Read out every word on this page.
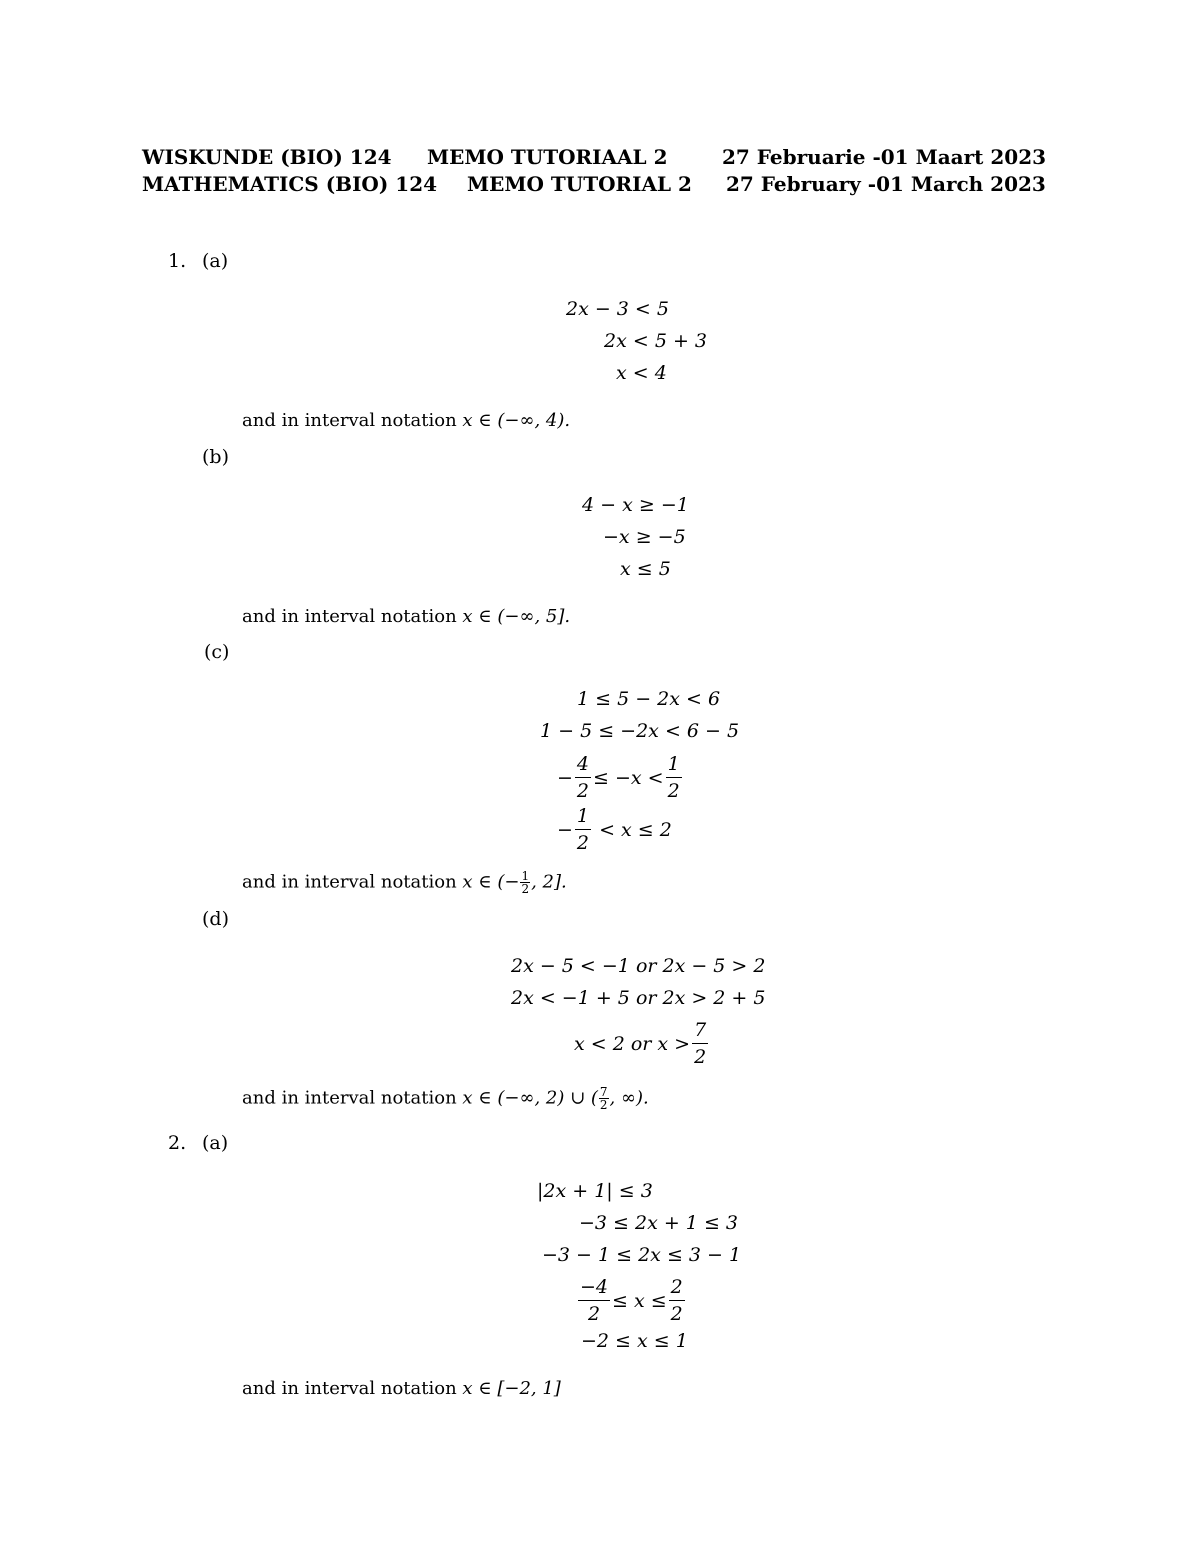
WISKUNDE (BIO) 124 MEMO TUTORIAAL 2	27 Februarie -01 Maart 2023
MATHEMATICS (BIO) 124 MEMO TUTORIAL 2 27 February -01 March 2023
1. (a)
2x − 3 < 5
2x
< 5 + 3
x
< 4
and in interval notation x ∈ (−∞, 4).
(b)
4 − x
≥ −1
−x
≥ −5
x
≤ 5
and in interval notation x ∈ (−∞, 5].
(c)
1 ≤ 5 − 2x < 6
1 − 5 ≤ −2x < 6 − 5
− $\frac{4}{2} \le -x < \frac{1}{2}$
− $\frac{1}{2}$
< x ≤ 2
and in interval notation x ∈ (− $\frac{1}{2}$ , 2].
(d)
2x − 5 < −1 or 2x − 5 > 2
2x < −1 + 5 or 2x > 2 + 5
x < 2 or $x > \frac{7}{2}$
and in interval notation x ∈ (−∞, 2) ∪ ( $\frac{7}{2}$ , ∞).
2. (a)
|2x + 1|
≤ 3
−3 ≤ 2x + 1 ≤ 3
−3 − 1 ≤ 2x ≤ 3 − 1
$\frac{-4}{2} \le x \le \frac{2}{2}$
−2 ≤ x ≤ 1
and in interval notation x ∈ [−2, 1]
